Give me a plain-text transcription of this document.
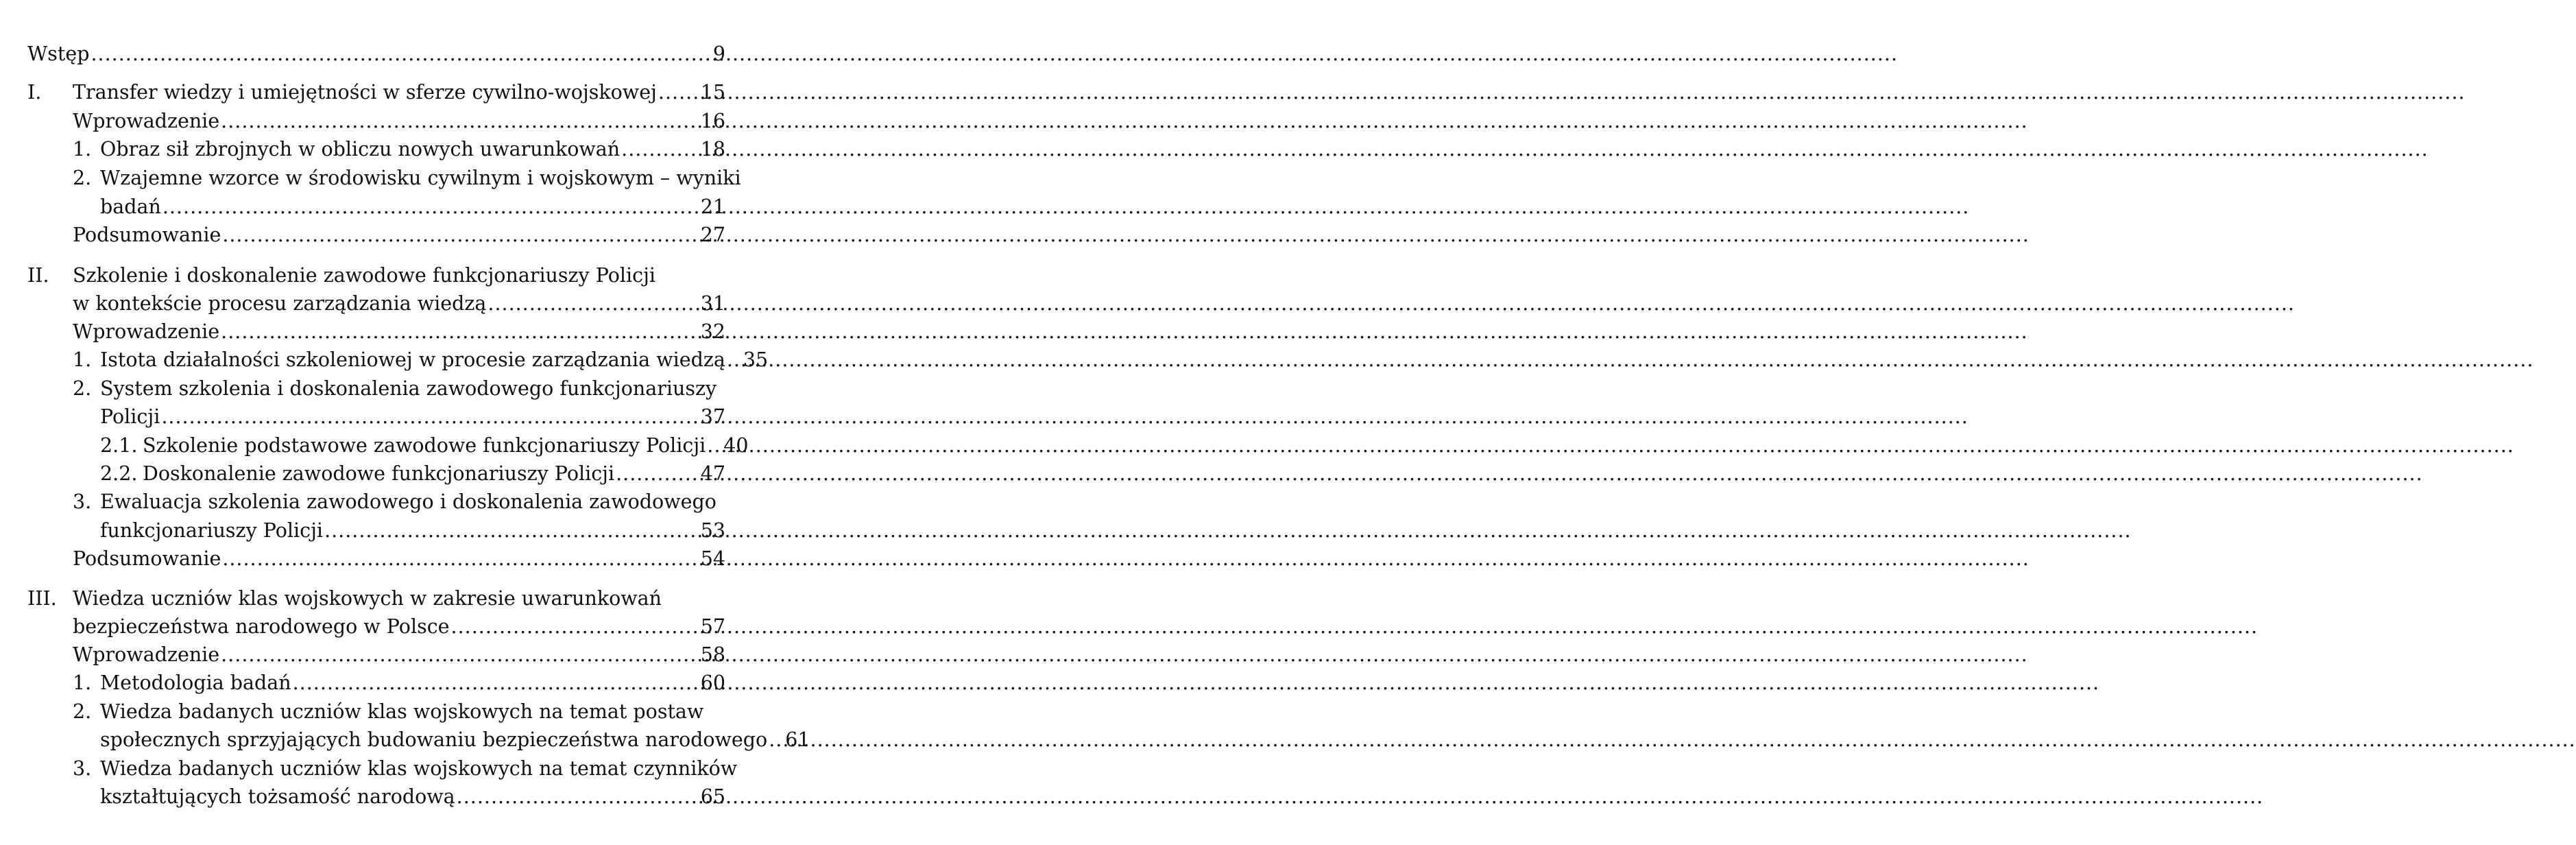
Wstęp .....	9
I. Transfer wiedzy i umiejętności w sferze cywilno-wojskowej ..... 15
Wprowadzenie .....	16
1. Obraz sił zbrojnych w obliczu nowych uwarunkowań .....	18
2. Wzajemne wzorce w środowisku cywilnym i wojskowym – wyniki
badań .....	21
Podsumowanie .....	27
II. Szkolenie i doskonalenie zawodowe funkcjonariuszy Policji
w kontekście procesu zarządzania wiedzą .....	31
Wprowadzenie .....	32
1. Istota działalności szkoleniowej w procesie zarządzania wiedzą ..... 35
2. System szkolenia i doskonalenia zawodowego funkcjonariuszy
Policji .....	37
2.1. Szkolenie podstawowe zawodowe funkcjonariuszy Policji ..... 40
2.2. Doskonalenie zawodowe funkcjonariuszy Policji .....	47
3. Ewaluacja szkolenia zawodowego i doskonalenia zawodowego
funkcjonariuszy Policji .....	53
Podsumowanie .....	54
III. Wiedza uczniów klas wojskowych w zakresie uwarunkowań
bezpieczeństwa narodowego w Polsce .....	57
Wprowadzenie .....	58
1. Metodologia badań .....	60
2. Wiedza badanych uczniów klas wojskowych na temat postaw
społecznych sprzyjających budowaniu bezpieczeństwa narodowego ..... 61
3. Wiedza badanych uczniów klas wojskowych na temat czynników
kształtujących tożsamość narodową .....	65
